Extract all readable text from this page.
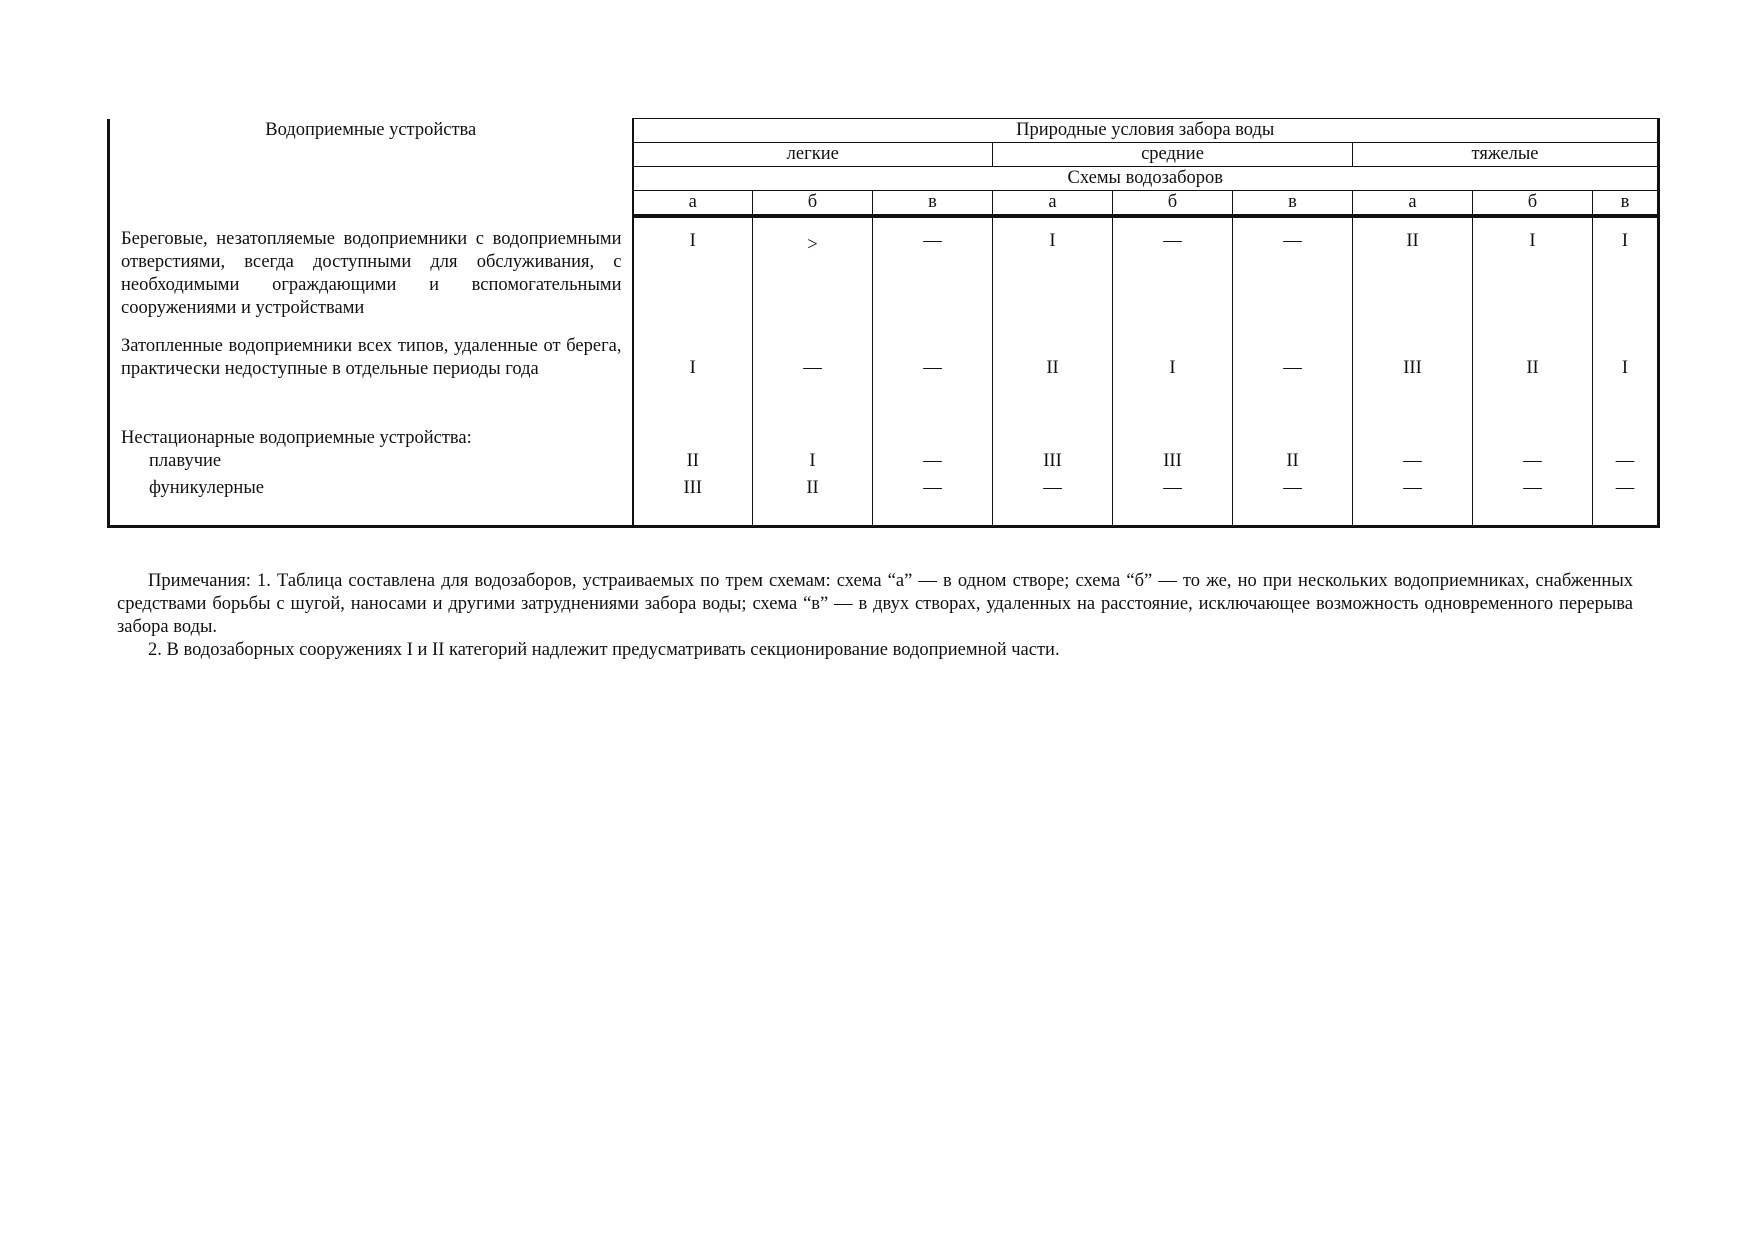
Водоприемные устройства	Природные условия забора воды								
	легкие			средние			тяжелые		
	Схемы водозаборов								
	а	б	в	а	б	в	а	б	в
Береговые, незатопляемые водоприемники с водоприемными отверстиями, всегда доступными для обслуживания, с необходимыми ограждающими и вспомогательными сооружениями и устройствами	I	>	—	I	—	—	II	I	I
Затопленные водоприемники всех типов, удаленные от берега, практически недоступные в отдельные периоды года	I	—	—	II	I	—	III	II	I
Нестационарные водоприемные устройства:									
плавучие	II	I	—	III	III	II	—	—	—
фуникулерные	III	II	—	—	—	—	—	—	—

Примечания: 1. Таблица составлена для водозаборов, устраиваемых по трем схемам: схема “а” — в одном створе; схема “б” — то же, но при нескольких водоприемниках, снабженных средствами борьбы с шугой, наносами и другими затруднениями забора воды; схема “в” — в двух створах, удаленных на расстояние, исключающее возможность одновременного перерыва забора воды.

2. В водозаборных сооружениях I и II категорий надлежит предусматривать секционирование водоприемной части.
